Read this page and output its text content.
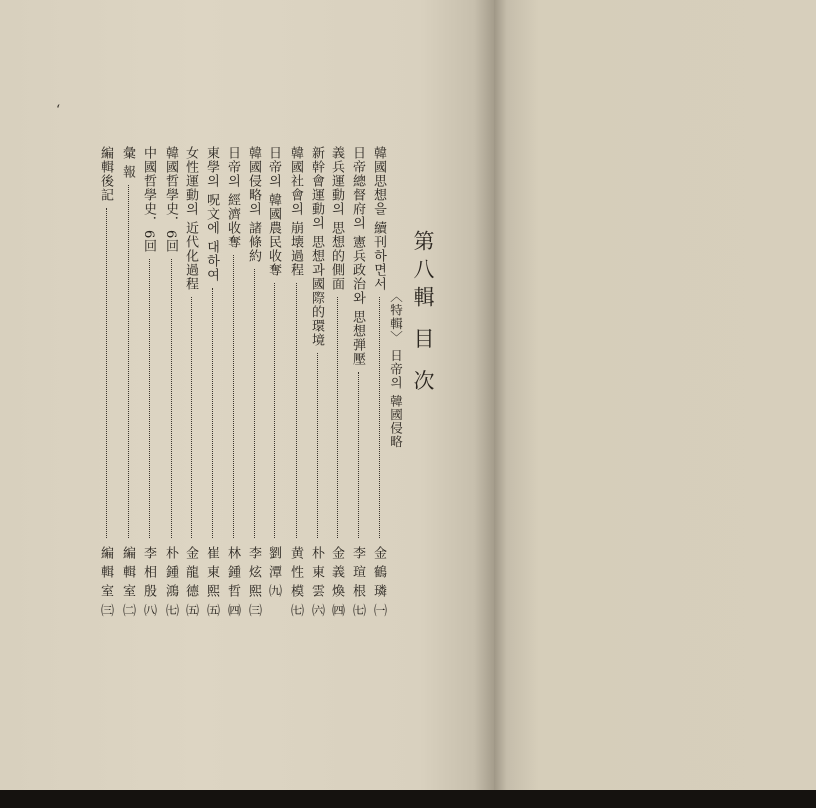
ʻ
第八輯 目 次
〈特輯〉 日帝의 韓國侵略
韓國思想을 續刊하면서
金 鶴 璘 ㈠
日帝總督府의 憲兵政治와 思想弾壓
李 瑄 根 ㈦
義兵運動의 思想的側面
金 義 煥 ㈣
新幹會運動의 思想과國際的環境
朴 東 雲 ㈥
韓國社會의 崩壊過程
黄 性 模 ㈦
日帝의 韓國農民收奪
劉 潭 ㈨
韓國侵略의 諸條約
李 炫 熙 ㈢
日帝의 經濟收奪
林 鍾 哲 ㈣
東學의 呪文에 대하여
崔 東 熙 ㈤
女性運動의 近代化過程
金 龍 德 ㈤
韓國哲學史．6回
朴 鍾 鴻 ㈦
中國哲學史．6回
李 相 殷 ㈧
彙 報
編 輯 室 ㈡
編輯後記
編 輯 室 ㈢
